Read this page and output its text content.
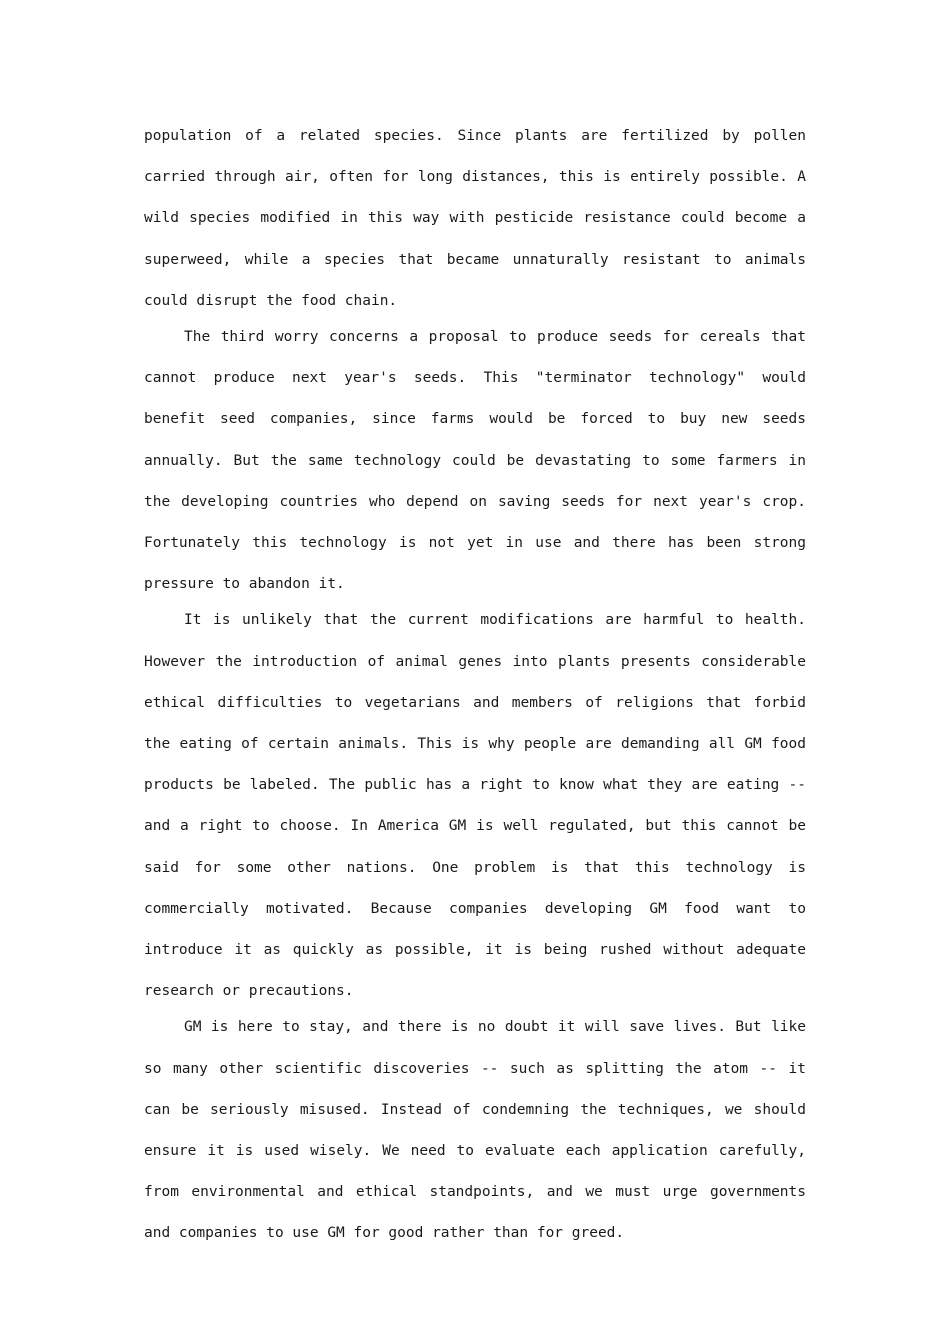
population of a related species. Since plants are fertilized by pollen carried through air, often for long distances, this is entirely possible. A wild species modified in this way with pesticide resistance could become a superweed, while a species that became unnaturally resistant to animals could disrupt the food chain.

The third worry concerns a proposal to produce seeds for cereals that cannot produce next year's seeds. This "terminator technology" would benefit seed companies, since farms would be forced to buy new seeds annually. But the same technology could be devastating to some farmers in the developing countries who depend on saving seeds for next year's crop. Fortunately this technology is not yet in use and there has been strong pressure to abandon it.

It is unlikely that the current modifications are harmful to health. However the introduction of animal genes into plants presents considerable ethical difficulties to vegetarians and members of religions that forbid the eating of certain animals. This is why people are demanding all GM food products be labeled. The public has a right to know what they are eating -- and a right to choose. In America GM is well regulated, but this cannot be said for some other nations. One problem is that this technology is commercially motivated. Because companies developing GM food want to introduce it as quickly as possible, it is being rushed without adequate research or precautions.

GM is here to stay, and there is no doubt it will save lives. But like so many other scientific discoveries -- such as splitting the atom -- it can be seriously misused. Instead of condemning the techniques, we should ensure it is used wisely. We need to evaluate each application carefully, from environmental and ethical standpoints, and we must urge governments and companies to use GM for good rather than for greed.
